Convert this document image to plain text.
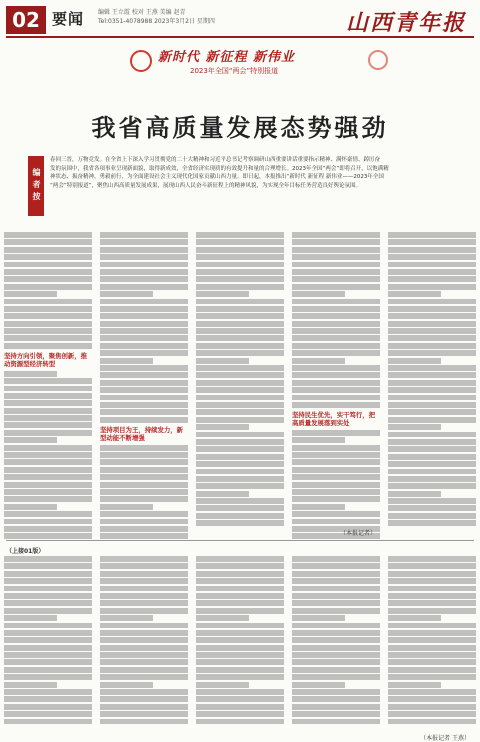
02 要闻 编辑 王立霞 校对 王燕 美编 赵青
Tel:0351-4078988 2023年3月2日 星期四	山西青年报
新时代 新征程 新伟业
2023年全国“两会”特别报道
我省高质量发展态势强劲
编者按
春回三晋，万物竞发。在全省上下深入学习贯彻党的二十大精神和习近平总书记考察调研山西重要讲话重要指示精神、满怀豪情、踔厉奋
发的氛围中，我省各项事业呈现新面貌，取得新成效，全省经济实现质的有效提升和量的合理增长。2023年全国“两会”即将召开，以饱满精
神状态、振奋精神、勇毅前行，为全面建设社会主义现代化国家贡献山西力量。即日起，本报推出“新时代 新征程 新伟业——2023年全国
“两会”特别报道”，聚焦山西高质量发展成果，展现山西人民奋斗新征程上的精神风貌，为实现全年目标任务营造良好舆论氛围。
坚持方向引领，聚焦创新，推动资源型经济转型
坚持项目为王，持续发力，新型动能不断增强
坚持民生优先，实干笃行，把高质量发展落到实处
（本报记者）
（上接01版）
（本报记者 王燕）
